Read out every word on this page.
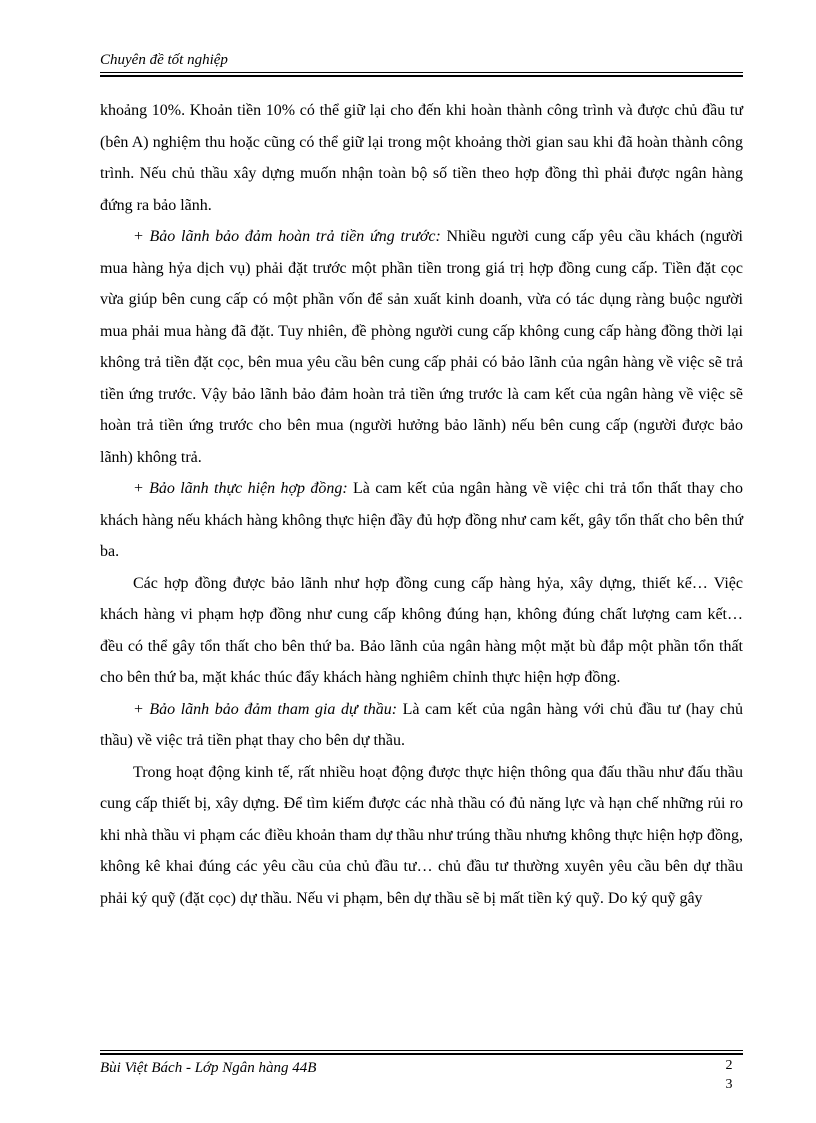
Chuyên đề tốt nghiệp

khoảng 10%. Khoản tiền 10% có thể giữ lại cho đến khi hoàn thành công trình và được chủ đầu tư (bên A) nghiệm thu hoặc cũng có thể giữ lại trong một khoảng thời gian sau khi đã hoàn thành công trình. Nếu chủ thầu xây dựng muốn nhận toàn bộ số tiền theo hợp đồng thì phải được ngân hàng đứng ra bảo lãnh.

+ Bảo lãnh bảo đảm hoàn trả tiền ứng trước: Nhiều người cung cấp yêu cầu khách (người mua hàng hỷa dịch vụ) phải đặt trước một phần tiền trong giá trị hợp đồng cung cấp. Tiền đặt cọc vừa giúp bên cung cấp có một phần vốn để sản xuất kinh doanh, vừa có tác dụng ràng buộc người mua phải mua hàng đã đặt. Tuy nhiên, đề phòng người cung cấp không cung cấp hàng đồng thời lại không trả tiền đặt cọc, bên mua yêu cầu bên cung cấp phải có bảo lãnh của ngân hàng về việc sẽ trả tiền ứng trước. Vậy bảo lãnh bảo đảm hoàn trả tiền ứng trước là cam kết của ngân hàng về việc sẽ hoàn trả tiền ứng trước cho bên mua (người hưởng bảo lãnh) nếu bên cung cấp (người được bảo lãnh) không trả.

+ Bảo lãnh thực hiện hợp đồng: Là cam kết của ngân hàng về việc chi trả tổn thất thay cho khách hàng nếu khách hàng không thực hiện đầy đủ hợp đồng như cam kết, gây tổn thất cho bên thứ ba.

Các hợp đồng được bảo lãnh như hợp đồng cung cấp hàng hỷa, xây dựng, thiết kế… Việc khách hàng vi phạm hợp đồng như cung cấp không đúng hạn, không đúng chất lượng cam kết… đều có thể gây tổn thất cho bên thứ ba. Bảo lãnh của ngân hàng một mặt bù đắp một phần tổn thất cho bên thứ ba, mặt khác thúc đẩy khách hàng nghiêm chỉnh thực hiện hợp đồng.

+ Bảo lãnh bảo đảm tham gia dự thầu: Là cam kết của ngân hàng với chủ đầu tư (hay chủ thầu) về việc trả tiền phạt thay cho bên dự thầu.

Trong hoạt động kinh tế, rất nhiều hoạt động được thực hiện thông qua đấu thầu như đấu thầu cung cấp thiết bị, xây dựng. Để tìm kiếm được các nhà thầu có đủ năng lực và hạn chế những rủi ro khi nhà thầu vi phạm các điều khoản tham dự thầu như trúng thầu nhưng không thực hiện hợp đồng, không kê khai đúng các yêu cầu của chủ đầu tư… chủ đầu tư thường xuyên yêu cầu bên dự thầu phải ký quỹ (đặt cọc) dự thầu. Nếu vi phạm, bên dự thầu sẽ bị mất tiền ký quỹ. Do ký quỹ gây

Bùi Việt Bách - Lớp Ngân hàng 44B	2
3
